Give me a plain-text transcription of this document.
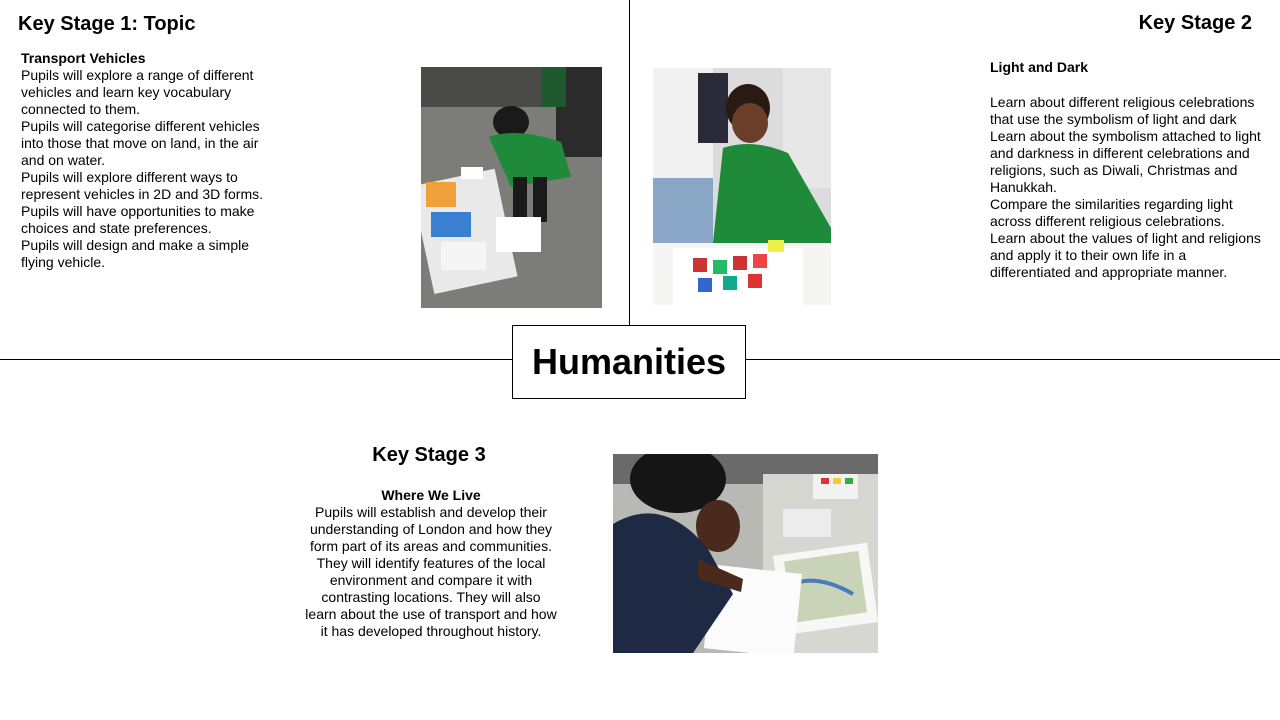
Humanities
Key Stage 1: Topic

Transport Vehicles

Pupils will explore a range of different vehicles and learn key vocabulary connected to them.

Pupils will categorise different vehicles into those that move on land, in the air and on water.

Pupils will explore different ways to represent vehicles in 2D and 3D forms.

Pupils will have opportunities to make choices and state preferences.

Pupils will design and make a simple flying vehicle.

Key Stage 2

Light and Dark

Learn about different religious celebrations that use the symbolism of light and dark

Learn about the symbolism attached to light and darkness in different celebrations and religions, such as Diwali, Christmas and Hanukkah.

Compare the similarities regarding light across different religious celebrations.

Learn about the values of light and religions and apply it to their own life in a differentiated and appropriate manner.

Key Stage 3

Where We Live

Pupils will establish and develop their understanding of London and how they form part of its areas and communities. They will identify features of the local environment and compare it with contrasting locations. They will also learn about the use of transport and how it has developed throughout history.
